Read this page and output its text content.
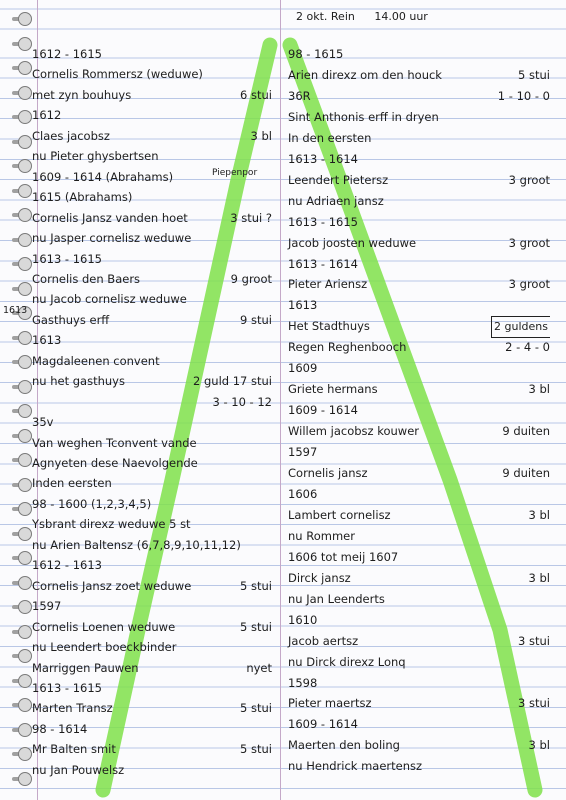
2 okt. Rein 14.00 uur
1613
1612 - 1615
Cornelis Rommersz (weduwe)
met zyn bouhuys	6 stui
1612
Claes jacobsz	3 bl
nu Pieter ghysbertsen
1609 - 1614 (Abrahams)
1615 (Abrahams)
Cornelis Jansz vanden hoet	3 stui ?
nu Jasper cornelisz weduwe
1613 - 1615
Cornelis den Baers	9 groot
nu Jacob cornelisz weduwe
Gasthuys erff	9 stui
1613
Magdaleenen convent
nu het gasthuys	2 guld 17 stui
3 - 10 - 12
35v
Van weghen Tconvent vande
Agnyeten dese Naevolgende
Inden eersten
98 - 1600 (1,2,3,4,5)
Ysbrant direxz weduwe 5 st
nu Arien Baltensz (6,7,8,9,10,11,12)
1612 - 1613
Cornelis Jansz zoet weduwe	5 stui
1597
Cornelis Loenen weduwe	5 stui
nu Leendert boeckbinder
Marriggen Pauwen	nyet
1613 - 1615
Marten Transz	5 stui
98 - 1614
Mr Balten smit	5 stui
nu Jan Pouwelsz
98 - 1615
Arien direxz om den houck	5 stui
36R	1 - 10 - 0
Sint Anthonis erff in dryen
In den eersten
1613 - 1614
Leendert Pietersz	3 groot
nu Adriaen jansz
1613 - 1615
Jacob joosten weduwe	3 groot
1613 - 1614
Pieter Ariensz	3 groot
1613
Het Stadthuys	2 guldens
Regen Reghenbooch	2 - 4 - 0
1609
Griete hermans	3 bl
1609 - 1614
Willem jacobsz kouwer	9 duiten
1597
Cornelis jansz	9 duiten
1606
Lambert cornelisz	3 bl
nu Rommer
1606 tot meij 1607
Dirck jansz	3 bl
nu Jan Leenderts
1610
Jacob aertsz	3 stui
nu Dirck direxz Lonq
1598
Pieter maertsz	3 stui
1609 - 1614
Maerten den boling	3 bl
nu Hendrick maertensz
Piepenpor
